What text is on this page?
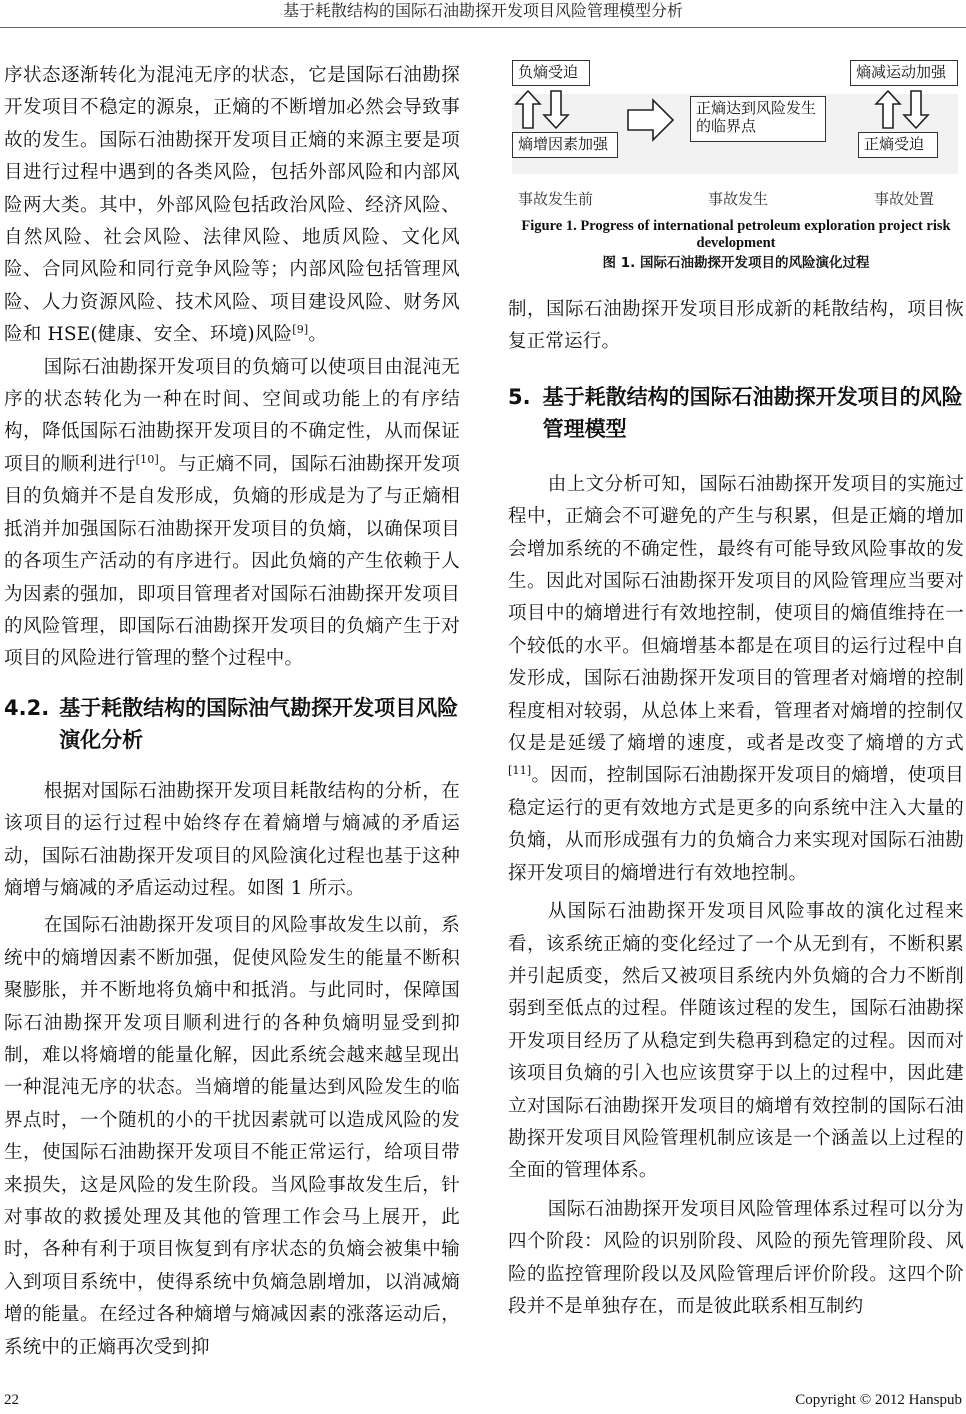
基于耗散结构的国际石油勘探开发项目风险管理模型分析

序状态逐渐转化为混沌无序的状态，它是国际石油勘探开发项目不稳定的源泉，正熵的不断增加必然会导致事故的发生。国际石油勘探开发项目正熵的来源主要是项目进行过程中遇到的各类风险，包括外部风险和内部风险两大类。其中，外部风险包括政治风险、经济风险、自然风险、社会风险、法律风险、地质风险、文化风险、合同风险和同行竞争风险等；内部风险包括管理风险、人力资源风险、技术风险、项目建设风险、财务风险和 HSE(健康、安全、环境)风险[9]。

国际石油勘探开发项目的负熵可以使项目由混沌无序的状态转化为一种在时间、空间或功能上的有序结构，降低国际石油勘探开发项目的不确定性，从而保证项目的顺利进行[10]。与正熵不同，国际石油勘探开发项目的负熵并不是自发形成，负熵的形成是为了与正熵相抵消并加强国际石油勘探开发项目的负熵，以确保项目的各项生产活动的有序进行。因此负熵的产生依赖于人为因素的强加，即项目管理者对国际石油勘探开发项目的风险管理，即国际石油勘探开发项目的负熵产生于对项目的风险进行管理的整个过程中。

4.2. 基于耗散结构的国际油气勘探开发项目风险演化分析

根据对国际石油勘探开发项目耗散结构的分析，在该项目的运行过程中始终存在着熵增与熵减的矛盾运动，国际石油勘探开发项目的风险演化过程也基于这种熵增与熵减的矛盾运动过程。如图 1 所示。

在国际石油勘探开发项目的风险事故发生以前，系统中的熵增因素不断加强，促使风险发生的能量不断积聚膨胀，并不断地将负熵中和抵消。与此同时，保障国际石油勘探开发项目顺利进行的各种负熵明显受到抑制，难以将熵增的能量化解，因此系统会越来越呈现出一种混沌无序的状态。当熵增的能量达到风险发生的临界点时，一个随机的小的干扰因素就可以造成风险的发生，使国际石油勘探开发项目不能正常运行，给项目带来损失，这是风险的发生阶段。当风险事故发生后，针对事故的救援处理及其他的管理工作会马上展开，此时，各种有利于项目恢复到有序状态的负熵会被集中输入到项目系统中，使得系统中负熵急剧增加，以消减熵增的能量。在经过各种熵增与熵减因素的涨落运动后，系统中的正熵再次受到抑

负熵受迫
熵增因素加强
正熵达到风险发生的临界点
熵减运动加强
正熵受迫
事故发生前	事故发生	事故处置

Figure 1. Progress of international petroleum exploration project risk development

图 1. 国际石油勘探开发项目的风险演化过程

制，国际石油勘探开发项目形成新的耗散结构，项目恢复正常运行。

5. 基于耗散结构的国际石油勘探开发项目的风险管理模型

由上文分析可知，国际石油勘探开发项目的实施过程中，正熵会不可避免的产生与积累，但是正熵的增加会增加系统的不确定性，最终有可能导致风险事故的发生。因此对国际石油勘探开发项目的风险管理应当要对项目中的熵增进行有效地控制，使项目的熵值维持在一个较低的水平。但熵增基本都是在项目的运行过程中自发形成，国际石油勘探开发项目的管理者对熵增的控制程度相对较弱，从总体上来看，管理者对熵增的控制仅仅是是延缓了熵增的速度，或者是改变了熵增的方式[11]。因而，控制国际石油勘探开发项目的熵增，使项目稳定运行的更有效地方式是更多的向系统中注入大量的负熵，从而形成强有力的负熵合力来实现对国际石油勘探开发项目的熵增进行有效地控制。

从国际石油勘探开发项目风险事故的演化过程来看，该系统正熵的变化经过了一个从无到有，不断积累并引起质变，然后又被项目系统内外负熵的合力不断削弱到至低点的过程。伴随该过程的发生，国际石油勘探开发项目经历了从稳定到失稳再到稳定的过程。因而对该项目负熵的引入也应该贯穿于以上的过程中，因此建立对国际石油勘探开发项目的熵增有效控制的国际石油勘探开发项目风险管理机制应该是一个涵盖以上过程的全面的管理体系。

国际石油勘探开发项目风险管理体系过程可以分为四个阶段：风险的识别阶段、风险的预先管理阶段、风险的监控管理阶段以及风险管理后评价阶段。这四个阶段并不是单独存在，而是彼此联系相互制约

22	Copyright © 2012 Hanspub
